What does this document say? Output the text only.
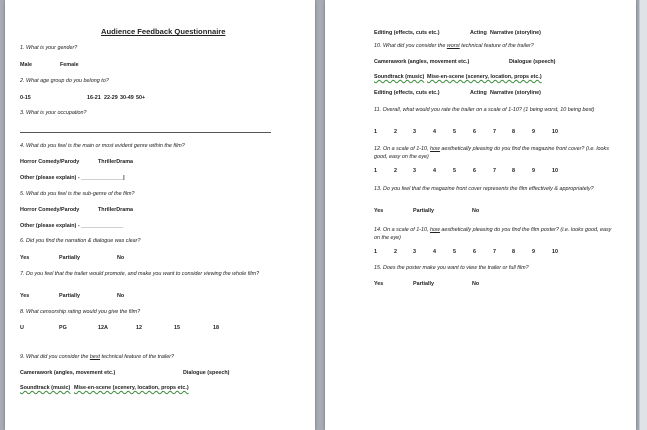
Audience Feedback Questionnaire
1. What is your gender?
Male	Female
2. What age group do you belong to?
0-15	16-21 22-29 30-49 50+
3. What is your occupation?
4. What do you feel is the main or most evident genre within the film?
Horror Comedy/Parody	ThrillerDrama
Other (please explain) - ______________|
5. What do you feel is the sub-genre of the film?
Horror Comedy/Parody	ThrillerDrama
Other (please explain) - ______________
6. Did you find the narration & dialogue was clear?
Yes	Partially	No
7. Do you feel that the trailer would promote, and make you want to consider viewing the whole film?
Yes	Partially	No
8. What censorship rating would you give the film?
U	PG	12A	12	15	18
9. What did you consider the best technical feature of the trailer?
Camerawork (angles, movement etc.)	Dialogue (speech)
Soundtrack (music) Mise-en-scene (scenery, location, props etc.)
Editing (effects, cuts etc.)	Acting Narrative (storyline)
10. What did you consider the worst technical feature of the trailer?
Camerawork (angles, movement etc.)	Dialogue (speech)
Soundtrack (music) Mise-en-scene (scenery, location, props etc.)
Editing (effects, cuts etc.)	Acting Narrative (storyline)
11. Overall, what would you rate the trailer on a scale of 1-10? (1 being worst, 10 being best)
1	2	3	4	5	6	7	8	9	10
12. On a scale of 1-10, how aesthetically pleasing do you find the magazine front cover? (i.e. looks good, easy on the eye)
1	2	3	4	5	6	7	8	9	10
13. Do you feel that the magazine front cover represents the film effectively & appropriately?
Yes	Partially	No
14. On a scale of 1-10, how aesthetically pleasing do you find the film poster? (i.e. looks good, easy on the eye)
1	2	3	4	5	6	7	8	9	10
15. Does the poster make you want to view the trailer or full film?
Yes	Partially	No
